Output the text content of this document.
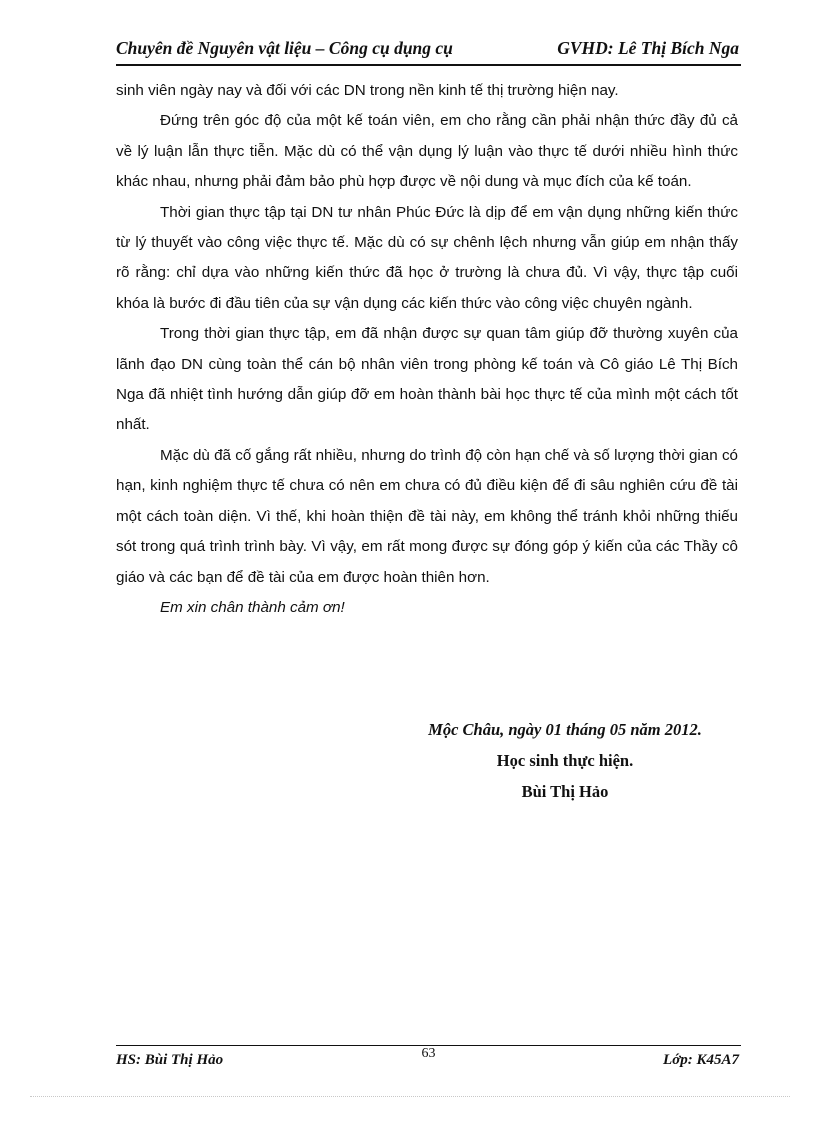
Chuyên đề Nguyên vật liệu – Công cụ dụng cụ	GVHD: Lê Thị Bích Nga

sinh viên ngày nay và đối với các DN trong nền kinh tế thị trường hiện nay.

Đứng trên góc độ của một kế toán viên, em cho rằng cần phải nhận thức đầy đủ cả về lý luận lẫn thực tiễn. Mặc dù có thể vận dụng lý luận vào thực tế dưới nhiều hình thức khác nhau, nhưng phải đảm bảo phù hợp được về nội dung và mục đích của kế toán.

Thời gian thực tập tại DN tư nhân Phúc Đức là dịp để em vận dụng những kiến thức từ lý thuyết vào công việc thực tế. Mặc dù có sự chênh lệch nhưng vẫn giúp em nhận thấy rõ rằng: chỉ dựa vào những kiến thức đã học ở trường là chưa đủ. Vì vậy, thực tập cuối khóa là bước đi đầu tiên của sự vận dụng các kiến thức vào công việc chuyên ngành.

Trong thời gian thực tập, em đã nhận được sự quan tâm giúp đỡ thường xuyên của lãnh đạo DN cùng toàn thể cán bộ nhân viên trong phòng kế toán và Cô giáo Lê Thị Bích Nga đã nhiệt tình hướng dẫn giúp đỡ em hoàn thành bài học thực tế của mình một cách tốt nhất.

Mặc dù đã cố gắng rất nhiều, nhưng do trình độ còn hạn chế và số lượng thời gian có hạn, kinh nghiệm thực tế chưa có nên em chưa có đủ điều kiện để đi sâu nghiên cứu đề tài một cách toàn diện. Vì thế, khi hoàn thiện đề tài này, em không thể tránh khỏi những thiếu sót trong quá trình trình bày. Vì vậy, em rất mong được sự đóng góp ý kiến của các Thầy cô giáo và các bạn để đề tài của em được hoàn thiên hơn.

Em xin chân thành cảm ơn!

Mộc Châu, ngày 01 tháng 05 năm 2012.
Học sinh thực hiện.
Bùi Thị Hảo
HS: Bùi Thị Hảo	63	Lớp: K45A7
